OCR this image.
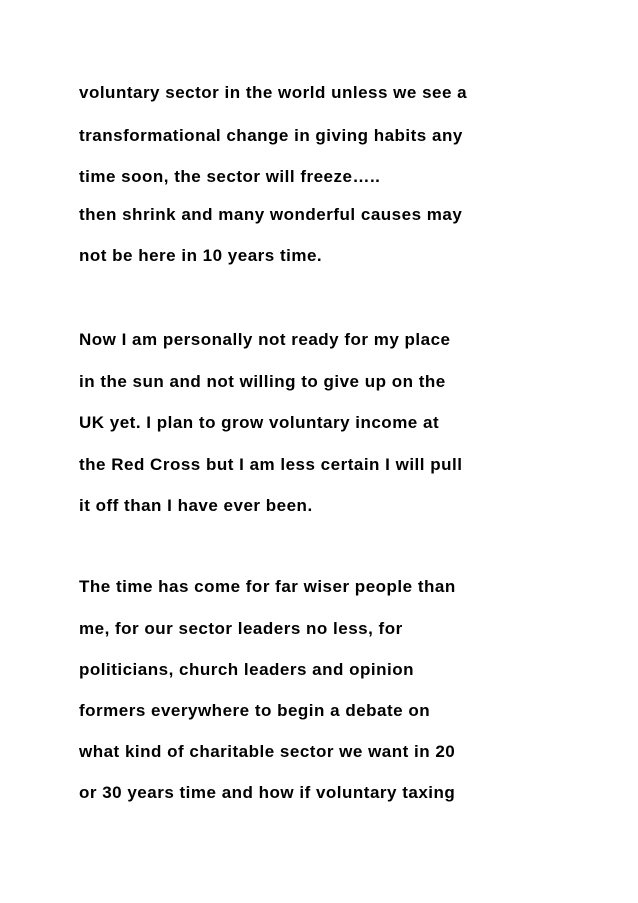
voluntary sector in the world unless we see a

transformational change in giving habits any

time soon, the sector will freeze…..

then shrink and many wonderful causes may

not be here in 10 years time.

Now I am personally not ready for my place

in the sun and not willing to give up on the

UK yet. I plan to grow voluntary income at

the Red Cross but I am less certain I will pull

it off than I have ever been.

The time has come for far wiser people than

me, for our sector leaders no less, for

politicians, church leaders and opinion

formers everywhere to begin a debate on

what kind of charitable sector we want in 20

or 30 years time and how if voluntary taxing
